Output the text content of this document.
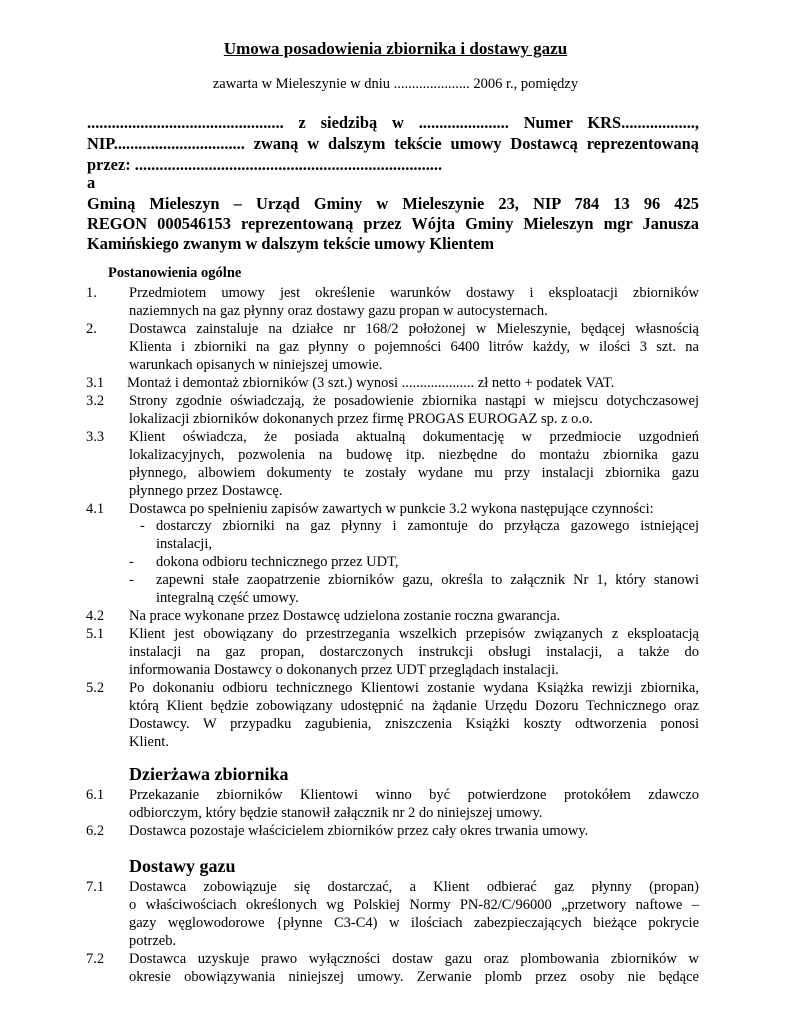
Umowa posadowienia zbiornika i dostawy gazu
zawarta w Mieleszynie w dniu ..................... 2006 r., pomiędzy
................................................ z siedzibą w ...................... Numer KRS..................,
NIP................................ zwaną w dalszym tekście umowy Dostawcą reprezentowaną
przez: ...........................................................................
a
Gminą Mieleszyn – Urząd Gminy w Mieleszynie 23, NIP 784 13 96 425
REGON 000546153 reprezentowaną przez Wójta Gminy Mieleszyn mgr Janusza
Kamińskiego zwanym w dalszym tekście umowy Klientem
Postanowienia ogólne
1. Przedmiotem umowy jest określenie warunków dostawy i eksploatacji zbiorników
naziemnych na gaz płynny oraz dostawy gazu propan w autocysternach.
2. Dostawca zainstaluje na działce nr 168/2 położonej w Mieleszynie, będącej własnością
Klienta i zbiorniki na gaz płynny o pojemności 6400 litrów każdy, w ilości 3 szt. na
warunkach opisanych w niniejszej umowie.
3.1 Montaż i demontaż zbiorników (3 szt.) wynosi .................... zł netto + podatek VAT.
3.2 Strony zgodnie oświadczają, że posadowienie zbiornika nastąpi w miejscu dotychczasowej
lokalizacji zbiorników dokonanych przez firmę PROGAS EUROGAZ sp. z o.o.
3.3 Klient oświadcza, że posiada aktualną dokumentację w przedmiocie uzgodnień
lokalizacyjnych, pozwolenia na budowę itp. niezbędne do montażu zbiornika gazu
płynnego, albowiem dokumenty te zostały wydane mu przy instalacji zbiornika gazu
płynnego przez Dostawcę.
4.1 Dostawca po spełnieniu zapisów zawartych w punkcie 3.2 wykona następujące czynności:
- dostarczy zbiorniki na gaz płynny i zamontuje do przyłącza gazowego istniejącej
instalacji,
- dokona odbioru technicznego przez UDT,
- zapewni stałe zaopatrzenie zbiorników gazu, określa to załącznik Nr 1, który stanowi
integralną część umowy.
4.2 Na prace wykonane przez Dostawcę udzielona zostanie roczna gwarancja.
5.1 Klient jest obowiązany do przestrzegania wszelkich przepisów związanych z eksploatacją
instalacji na gaz propan, dostarczonych instrukcji obsługi instalacji, a także do
informowania Dostawcy o dokonanych przez UDT przeglądach instalacji.
5.2 Po dokonaniu odbioru technicznego Klientowi zostanie wydana Książka rewizji zbiornika,
którą Klient będzie zobowiązany udostępnić na żądanie Urzędu Dozoru Technicznego oraz
Dostawcy. W przypadku zagubienia, zniszczenia Książki koszty odtworzenia ponosi
Klient.
Dzierżawa zbiornika
6.1 Przekazanie zbiorników Klientowi winno być potwierdzone protokółem zdawczo
odbiorczym, który będzie stanowił załącznik nr 2 do niniejszej umowy.
6.2 Dostawca pozostaje właścicielem zbiorników przez cały okres trwania umowy.
Dostawy gazu
7.1 Dostawca zobowiązuje się dostarczać, a Klient odbierać gaz płynny (propan)
o właściwościach określonych wg Polskiej Normy PN-82/C/96000 „przetwory naftowe –
gazy węglowodorowe {płynne C3-C4) w ilościach zabezpieczających bieżące pokrycie
potrzeb.
7.2 Dostawca uzyskuje prawo wyłączności dostaw gazu oraz plombowania zbiorników w
okresie obowiązywania niniejszej umowy. Zerwanie plomb przez osoby nie będące
